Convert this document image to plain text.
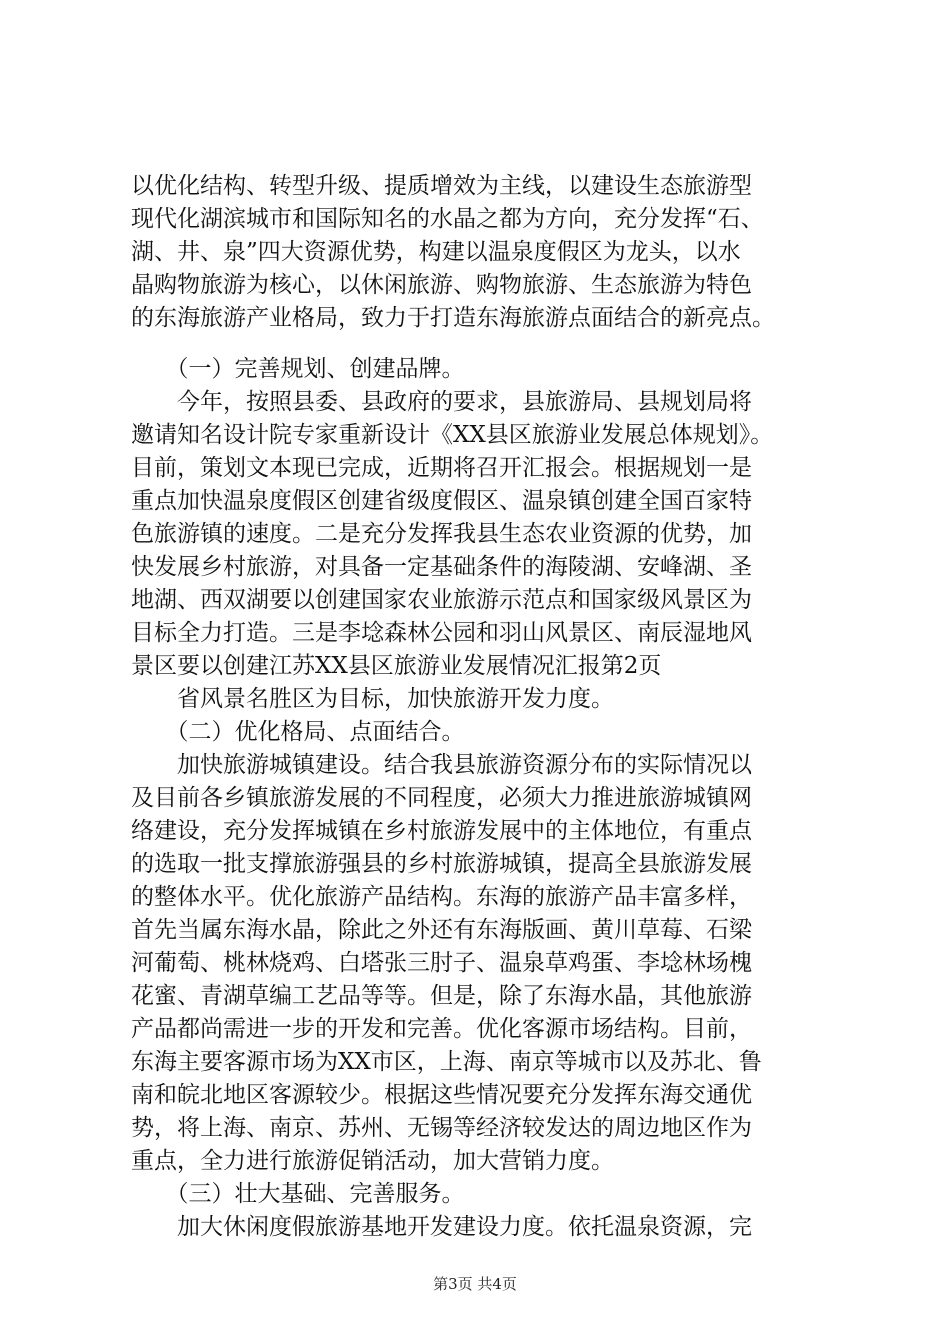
以优化结构、转型升级、提质增效为主线，以建设生态旅游型
现代化湖滨城市和国际知名的水晶之都为方向，充分发挥“石、
湖、井、泉”四大资源优势，构建以温泉度假区为龙头，以水
晶购物旅游为核心，以休闲旅游、购物旅游、生态旅游为特色
的东海旅游产业格局，致力于打造东海旅游点面结合的新亮点。
　　（一）完善规划、创建品牌。
　　今年，按照县委、县政府的要求，县旅游局、县规划局将
邀请知名设计院专家重新设计《XX县区旅游业发展总体规划》。
目前，策划文本现已完成，近期将召开汇报会。根据规划一是
重点加快温泉度假区创建省级度假区、温泉镇创建全国百家特
色旅游镇的速度。二是充分发挥我县生态农业资源的优势，加
快发展乡村旅游，对具备一定基础条件的海陵湖、安峰湖、圣
地湖、西双湖要以创建国家农业旅游示范点和国家级风景区为
目标全力打造。三是李埝森林公园和羽山风景区、南辰湿地风
景区要以创建江苏XX县区旅游业发展情况汇报第2页
　　省风景名胜区为目标，加快旅游开发力度。
　　（二）优化格局、点面结合。
　　加快旅游城镇建设。结合我县旅游资源分布的实际情况以
及目前各乡镇旅游发展的不同程度，必须大力推进旅游城镇网
络建设，充分发挥城镇在乡村旅游发展中的主体地位，有重点
的选取一批支撑旅游强县的乡村旅游城镇，提高全县旅游发展
的整体水平。优化旅游产品结构。东海的旅游产品丰富多样，
首先当属东海水晶，除此之外还有东海版画、黄川草莓、石梁
河葡萄、桃林烧鸡、白塔张三肘子、温泉草鸡蛋、李埝林场槐
花蜜、青湖草编工艺品等等。但是，除了东海水晶，其他旅游
产品都尚需进一步的开发和完善。优化客源市场结构。目前，
东海主要客源市场为XX市区，上海、南京等城市以及苏北、鲁
南和皖北地区客源较少。根据这些情况要充分发挥东海交通优
势，将上海、南京、苏州、无锡等经济较发达的周边地区作为
重点，全力进行旅游促销活动，加大营销力度。
　　（三）壮大基础、完善服务。
　　加大休闲度假旅游基地开发建设力度。依托温泉资源，完
第3页 共4页
